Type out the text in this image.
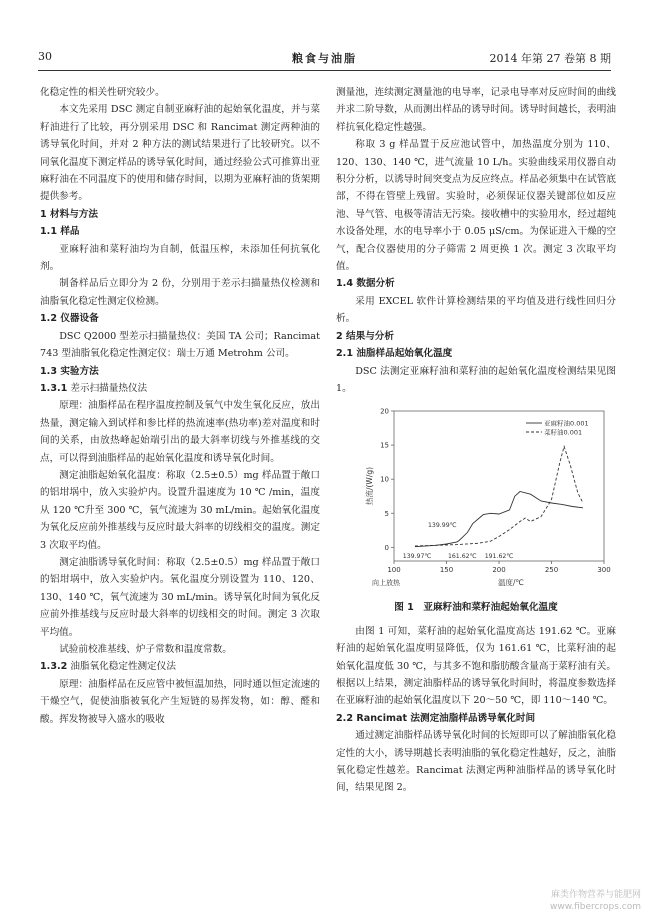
30	粮食与油脂	2014 年第 27 卷第 8 期

化稳定性的相关性研究较少。

本文先采用 DSC 测定自制亚麻籽油的起始氧化温度，并与菜籽油进行了比较，再分别采用 DSC 和 Rancimat 测定两种油的诱导氧化时间，并对 2 种方法的测试结果进行了比较研究。以不同氧化温度下测定样品的诱导氧化时间，通过经验公式可推算出亚麻籽油在不同温度下的使用和储存时间，以期为亚麻籽油的货架期提供参考。

1 材料与方法
1.1 样品

亚麻籽油和菜籽油均为自制，低温压榨，未添加任何抗氧化剂。

制备样品后立即分为 2 份，分别用于差示扫描量热仪检测和油脂氧化稳定性测定仪检测。

1.2 仪器设备

DSC Q2000 型差示扫描量热仪：美国 TA 公司；Rancimat 743 型油脂氧化稳定性测定仪：瑞士万通 Metrohm 公司。

1.3 实验方法
1.3.1 差示扫描量热仪法

原理：油脂样品在程序温度控制及氧气中发生氧化反应，放出热量，测定输入到试样和参比样的热流速率(热功率)差对温度和时间的关系，由放热峰起始端引出的最大斜率切线与外推基线的交点，可以得到油脂样品的起始氧化温度和诱导氧化时间。

测定油脂起始氧化温度：称取（2.5±0.5）mg 样品置于敞口的铝坩埚中，放入实验炉内。设置升温速度为 10 ℃ /min，温度从 120 ℃升至 300 ℃，氧气流速为 30 mL/min。起始氧化温度为氧化反应前外推基线与反应时最大斜率的切线相交的温度。测定 3 次取平均值。

测定油脂诱导氧化时间：称取（2.5±0.5）mg 样品置于敞口的铝坩埚中，放入实验炉内。氧化温度分别设置为 110、120、130、140 ℃，氧气流速为 30 mL/min。诱导氧化时间为氧化反应前外推基线与反应时最大斜率的切线相交的时间。测定 3 次取平均值。

试验前校准基线、炉子常数和温度常数。

1.3.2 油脂氧化稳定性测定仪法

原理：油脂样品在反应管中被恒温加热，同时通以恒定流速的干燥空气，促使油脂被氧化产生短链的易挥发物，如：醇、醛和酸。挥发物被导入盛水的吸收

测量池，连续测定测量池的电导率，记录电导率对反应时间的曲线并求二阶导数，从而测出样品的诱导时间。诱导时间越长，表明油样抗氧化稳定性越强。

称取 3 g 样品置于反应池试管中，加热温度分别为 110、120、130、140 ℃，进气流量 10 L/h。实验曲线采用仪器自动积分分析，以诱导时间突变点为反应终点。样品必须集中在试管底部，不得在管壁上残留。实验时，必须保证仪器关键部位如反应池、导气管、电极等清洁无污染。接收槽中的实验用水，经过超纯水设备处理，水的电导率小于 0.05 μS/cm。为保证进入干燥的空气，配合仪器使用的分子筛需 2 周更换 1 次。测定 3 次取平均值。

1.4 数据分析

采用 EXCEL 软件计算检测结果的平均值及进行线性回归分析。

2 结果与分析
2.1 油脂样品起始氧化温度

DSC 法测定亚麻籽油和菜籽油的起始氧化温度检测结果见图 1。

100	150	200	250	300
0
5
10
15
20
温度/℃
热流/(W/g)
向上放热
亚麻籽油0.001
菜籽油0.001
139.99℃
139.97℃	161.62℃ 191.62℃
图 1　亚麻籽油和菜籽油起始氧化温度

由图 1 可知，菜籽油的起始氧化温度高达 191.62 ℃。亚麻籽油的起始氧化温度明显降低，仅为 161.61 ℃，比菜籽油的起始氧化温度低 30 ℃，与其多不饱和脂肪酸含量高于菜籽油有关。根据以上结果，测定油脂样品的诱导氧化时间时，将温度参数选择在亚麻籽油的起始氧化温度以下 20～50 ℃，即 110～140 ℃。

2.2 Rancimat 法测定油脂样品诱导氧化时间

通过测定油脂样品诱导氧化时间的长短即可以了解油脂氧化稳定性的大小，诱导期越长表明油脂的氧化稳定性越好，反之，油脂氧化稳定性越差。Rancimat 法测定两种油脂样品的诱导氧化时间，结果见图 2。

麻类作物营养与能肥网
www.fibercrops.com
